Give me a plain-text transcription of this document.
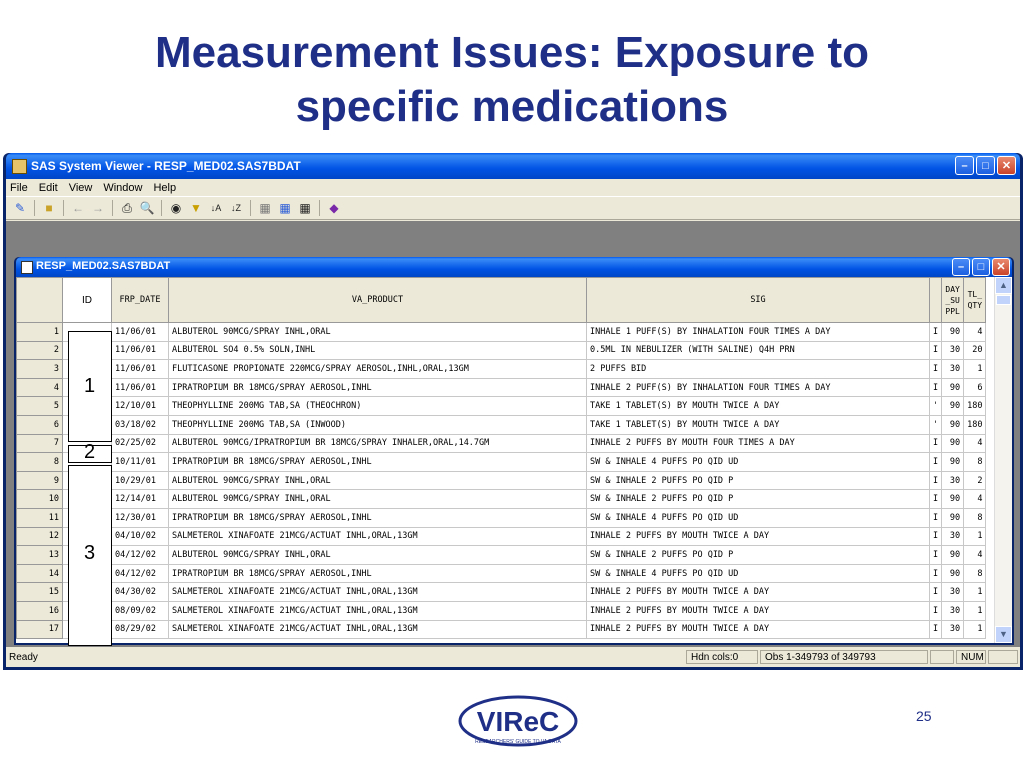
Measurement Issues: Exposure to
specific medications
SAS System Viewer - RESP_MED02.SAS7BDAT	–	□	✕
File Edit View Window Help
✎	■	← → ⎙ 🔍 ◉ ▼ ↓A	↓Z ▦ ▦ ▦ ◆
RESP_MED02.SAS7BDAT	–	□	✕
	ID	FRP_DATE	VA_PRODUCT	SIG		DAY _SU PPL	TL_ QTY
1		11/06/01	ALBUTEROL 90MCG/SPRAY INHL,ORAL	INHALE 1 PUFF(S) BY INHALATION FOUR TIMES A DAY	I	90	4
2		11/06/01	ALBUTEROL SO4 0.5% SOLN,INHL	0.5ML IN NEBULIZER (WITH SALINE) Q4H PRN	I	30	20
3		11/06/01	FLUTICASONE PROPIONATE 220MCG/SPRAY AEROSOL,INHL,ORAL,13GM	2 PUFFS BID	I	30	1
4		11/06/01	IPRATROPIUM BR 18MCG/SPRAY AEROSOL,INHL	INHALE 2 PUFF(S) BY INHALATION FOUR TIMES A DAY	I	90	6
5		12/10/01	THEOPHYLLINE 200MG TAB,SA (THEOCHRON)	TAKE 1 TABLET(S) BY MOUTH TWICE A DAY	'	90	180
6		03/18/02	THEOPHYLLINE 200MG TAB,SA (INWOOD)	TAKE 1 TABLET(S) BY MOUTH TWICE A DAY	'	90	180
7		02/25/02	ALBUTEROL 90MCG/IPRATROPIUM BR 18MCG/SPRAY INHALER,ORAL,14.7GM	INHALE 2 PUFFS BY MOUTH FOUR TIMES A DAY	I	90	4
8		10/11/01	IPRATROPIUM BR 18MCG/SPRAY AEROSOL,INHL	SW & INHALE 4 PUFFS PO QID UD	I	90	8
9		10/29/01	ALBUTEROL 90MCG/SPRAY INHL,ORAL	SW & INHALE 2 PUFFS PO QID P	I	30	2
10		12/14/01	ALBUTEROL 90MCG/SPRAY INHL,ORAL	SW & INHALE 2 PUFFS PO QID P	I	90	4
11		12/30/01	IPRATROPIUM BR 18MCG/SPRAY AEROSOL,INHL	SW & INHALE 4 PUFFS PO QID UD	I	90	8
12		04/10/02	SALMETEROL XINAFOATE 21MCG/ACTUAT INHL,ORAL,13GM	INHALE 2 PUFFS BY MOUTH TWICE A DAY	I	30	1
13		04/12/02	ALBUTEROL 90MCG/SPRAY INHL,ORAL	SW & INHALE 2 PUFFS PO QID P	I	90	4
14		04/12/02	IPRATROPIUM BR 18MCG/SPRAY AEROSOL,INHL	SW & INHALE 4 PUFFS PO QID UD	I	90	8
15		04/30/02	SALMETEROL XINAFOATE 21MCG/ACTUAT INHL,ORAL,13GM	INHALE 2 PUFFS BY MOUTH TWICE A DAY	I	30	1
16		08/09/02	SALMETEROL XINAFOATE 21MCG/ACTUAT INHL,ORAL,13GM	INHALE 2 PUFFS BY MOUTH TWICE A DAY	I	30	1
17		08/29/02	SALMETEROL XINAFOATE 21MCG/ACTUAT INHL,ORAL,13GM	INHALE 2 PUFFS BY MOUTH TWICE A DAY	I	30	1
▲
▼
Ready	Hdn cols:0	Obs 1-349793 of 349793	NUM
1
2
3
VIReC
RESEARCHERS' GUIDE TO VA DATA
25
